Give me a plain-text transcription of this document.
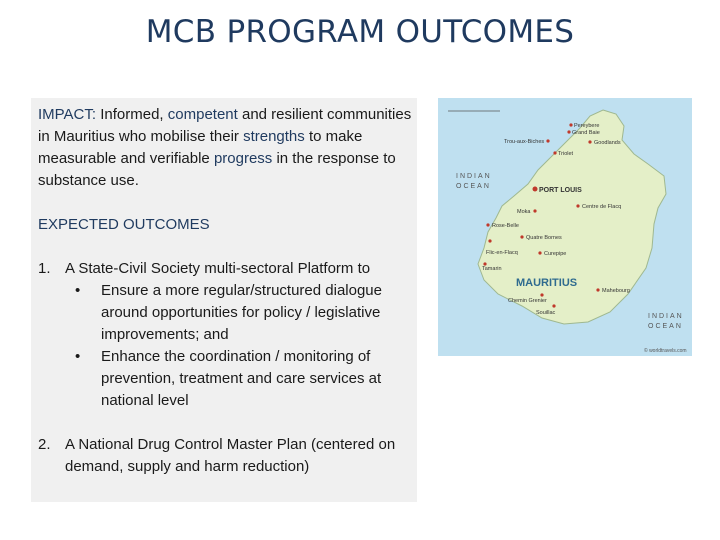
MCB PROGRAM OUTCOMES

IMPACT: Informed, competent and resilient communities in Mauritius who mobilise their strengths to make measurable and verifiable progress in the response to substance use.

EXPECTED OUTCOMES

1. A State-Civil Society multi-sectoral Platform to
• Ensure a more regular/structured dialogue around opportunities for policy / legislative improvements; and
• Enhance the coordination / monitoring of prevention, treatment and care services at national level
2. A National Drug Control Master Plan (centered on demand, supply and harm reduction)
INDIAN
OCEAN
INDIAN
OCEAN
MAURITIUS
PORT LOUIS
Pereybere
Grand Baie
Triolet
Goodlands
Trou-aux-Biches
Moka
Centre de Flacq
Rose-Belle
Curepipe
Quatre Bornes
Flic-en-Flacq
Tamarin
Chemin Grenier
Souillac
Mahebourg
© worldtravels.com
